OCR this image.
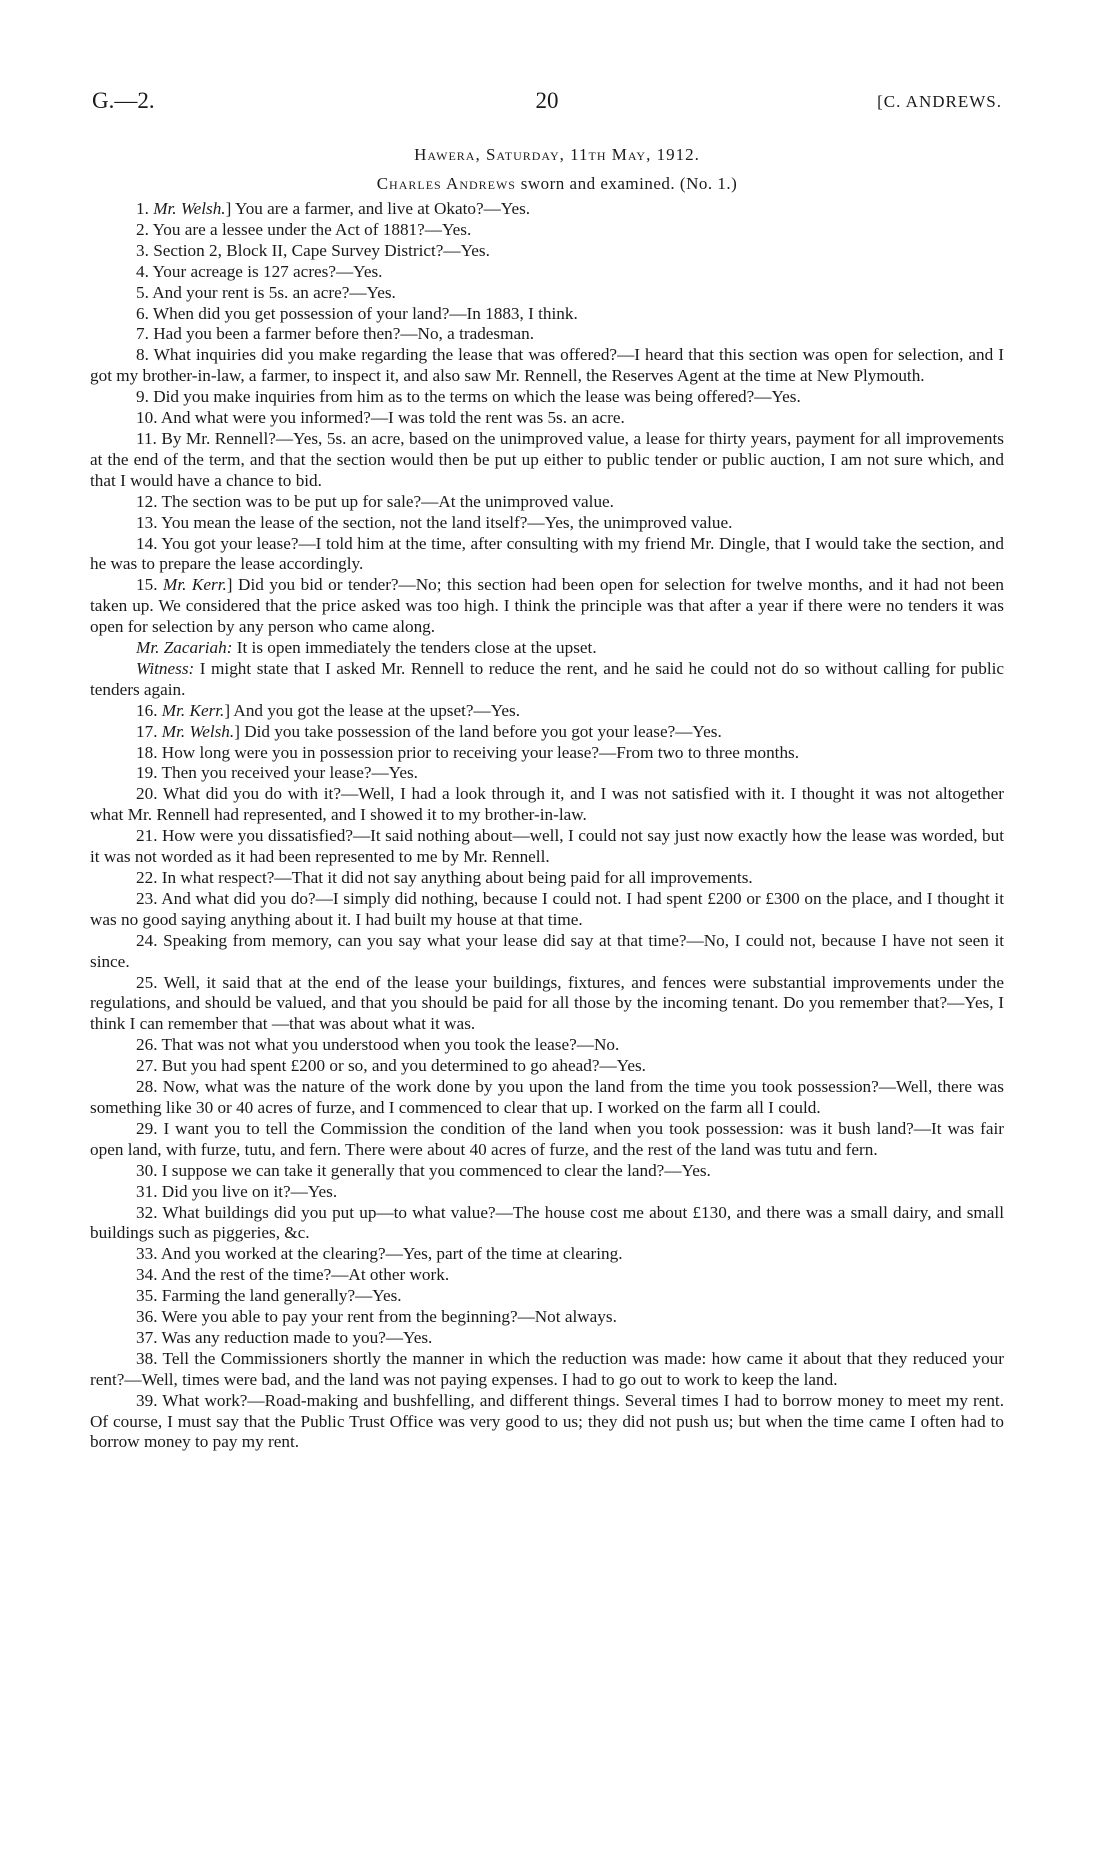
G.—2.	20	[C. ANDREWS.
Hawera, Saturday, 11th May, 1912.
Charles Andrews sworn and examined. (No. 1.)

1. Mr. Welsh.] You are a farmer, and live at Okato?—Yes.

2. You are a lessee under the Act of 1881?—Yes.

3. Section 2, Block II, Cape Survey District?—Yes.

4. Your acreage is 127 acres?—Yes.

5. And your rent is 5s. an acre?—Yes.

6. When did you get possession of your land?—In 1883, I think.

7. Had you been a farmer before then?—No, a tradesman.

8. What inquiries did you make regarding the lease that was offered?—I heard that this section was open for selection, and I got my brother-in-law, a farmer, to inspect it, and also saw Mr. Rennell, the Reserves Agent at the time at New Plymouth.

9. Did you make inquiries from him as to the terms on which the lease was being offered?—Yes.

10. And what were you informed?—I was told the rent was 5s. an acre.

11. By Mr. Rennell?—Yes, 5s. an acre, based on the unimproved value, a lease for thirty years, payment for all improvements at the end of the term, and that the section would then be put up either to public tender or public auction, I am not sure which, and that I would have a chance to bid.

12. The section was to be put up for sale?—At the unimproved value.

13. You mean the lease of the section, not the land itself?—Yes, the unimproved value.

14. You got your lease?—I told him at the time, after consulting with my friend Mr. Dingle, that I would take the section, and he was to prepare the lease accordingly.

15. Mr. Kerr.] Did you bid or tender?—No; this section had been open for selection for twelve months, and it had not been taken up. We considered that the price asked was too high. I think the principle was that after a year if there were no tenders it was open for selection by any person who came along.

Mr. Zacariah: It is open immediately the tenders close at the upset.

Witness: I might state that I asked Mr. Rennell to reduce the rent, and he said he could not do so without calling for public tenders again.

16. Mr. Kerr.] And you got the lease at the upset?—Yes.

17. Mr. Welsh.] Did you take possession of the land before you got your lease?—Yes.

18. How long were you in possession prior to receiving your lease?—From two to three months.

19. Then you received your lease?—Yes.

20. What did you do with it?—Well, I had a look through it, and I was not satisfied with it. I thought it was not altogether what Mr. Rennell had represented, and I showed it to my brother-in-law.

21. How were you dissatisfied?—It said nothing about—well, I could not say just now exactly how the lease was worded, but it was not worded as it had been represented to me by Mr. Rennell.

22. In what respect?—That it did not say anything about being paid for all improvements.

23. And what did you do?—I simply did nothing, because I could not. I had spent £200 or £300 on the place, and I thought it was no good saying anything about it. I had built my house at that time.

24. Speaking from memory, can you say what your lease did say at that time?—No, I could not, because I have not seen it since.

25. Well, it said that at the end of the lease your buildings, fixtures, and fences were substantial improvements under the regulations, and should be valued, and that you should be paid for all those by the incoming tenant. Do you remember that?—Yes, I think I can remember that —that was about what it was.

26. That was not what you understood when you took the lease?—No.

27. But you had spent £200 or so, and you determined to go ahead?—Yes.

28. Now, what was the nature of the work done by you upon the land from the time you took possession?—Well, there was something like 30 or 40 acres of furze, and I commenced to clear that up. I worked on the farm all I could.

29. I want you to tell the Commission the condition of the land when you took possession: was it bush land?—It was fair open land, with furze, tutu, and fern. There were about 40 acres of furze, and the rest of the land was tutu and fern.

30. I suppose we can take it generally that you commenced to clear the land?—Yes.

31. Did you live on it?—Yes.

32. What buildings did you put up—to what value?—The house cost me about £130, and there was a small dairy, and small buildings such as piggeries, &c.

33. And you worked at the clearing?—Yes, part of the time at clearing.

34. And the rest of the time?—At other work.

35. Farming the land generally?—Yes.

36. Were you able to pay your rent from the beginning?—Not always.

37. Was any reduction made to you?—Yes.

38. Tell the Commissioners shortly the manner in which the reduction was made: how came it about that they reduced your rent?—Well, times were bad, and the land was not paying expenses. I had to go out to work to keep the land.

39. What work?—Road-making and bushfelling, and different things. Several times I had to borrow money to meet my rent. Of course, I must say that the Public Trust Office was very good to us; they did not push us; but when the time came I often had to borrow money to pay my rent.
